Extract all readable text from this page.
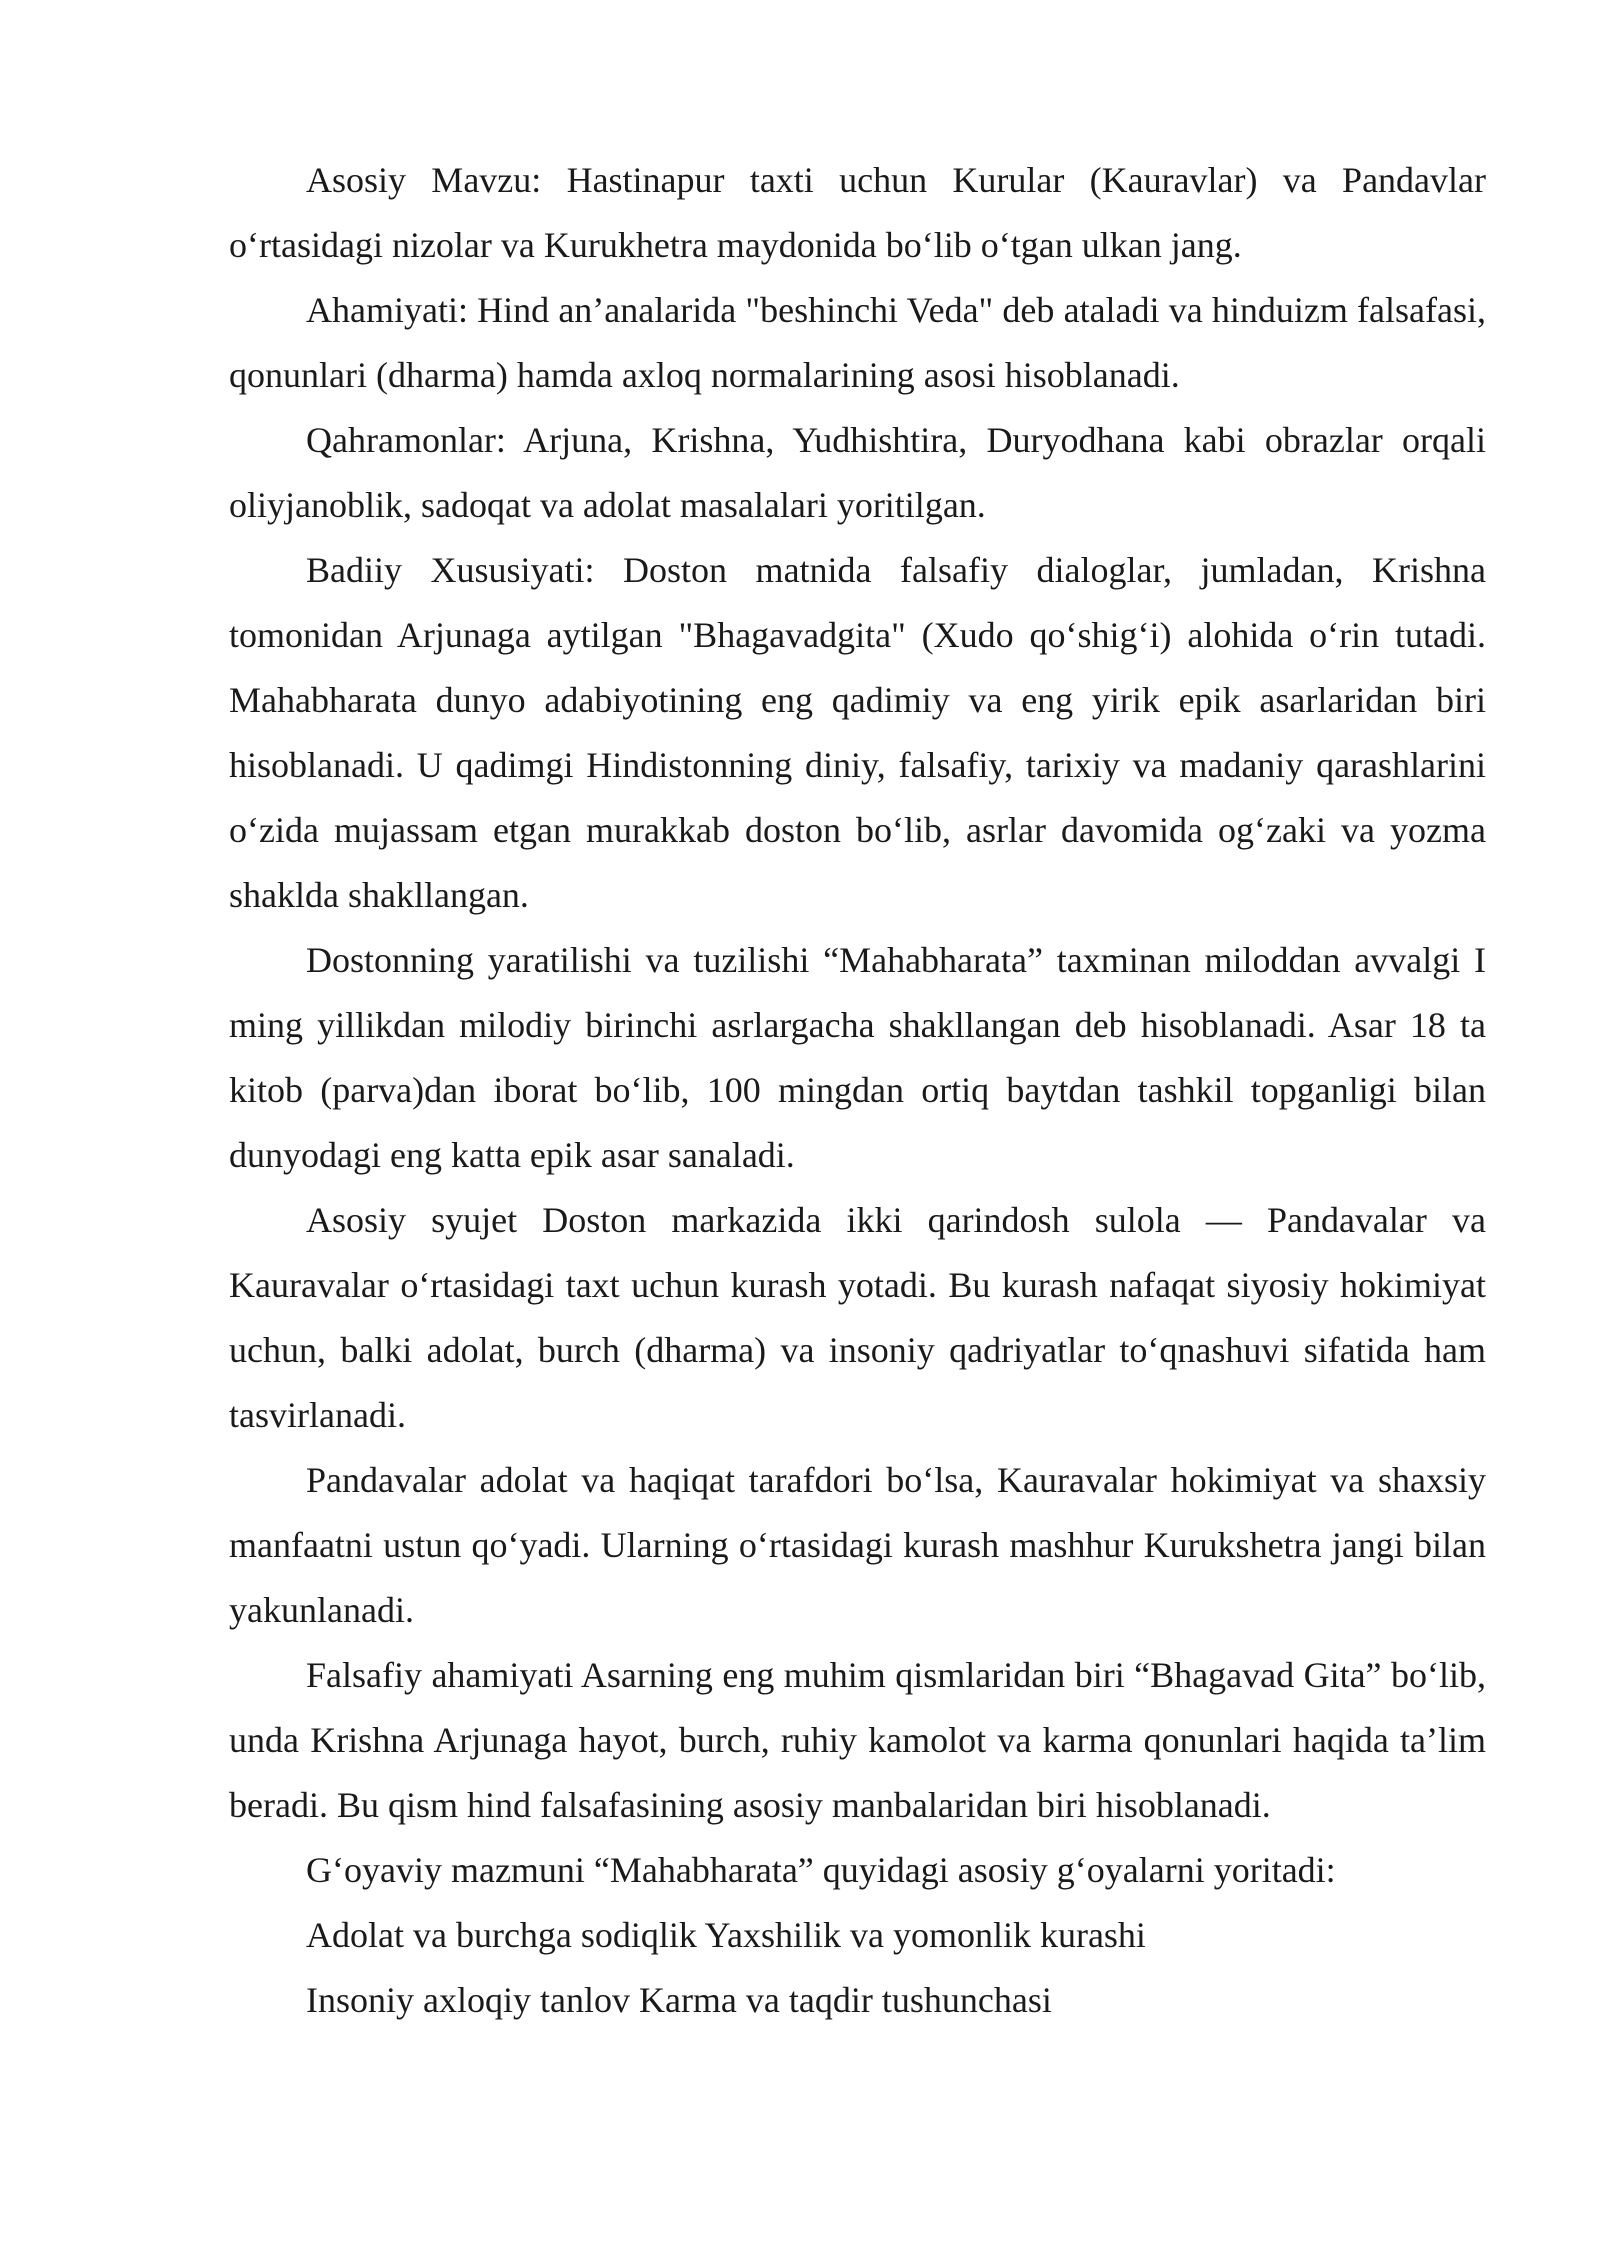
Asosiy Mavzu: Hastinapur taxti uchun Kurular (Kauravlar) va Pandavlar o‘rtasidagi nizolar va Kurukhetra maydonida bo‘lib o‘tgan ulkan jang.

Ahamiyati: Hind an’analarida "beshinchi Veda" deb ataladi va hinduizm falsafasi, qonunlari (dharma) hamda axloq normalarining asosi hisoblanadi.

Qahramonlar: Arjuna, Krishna, Yudhishtira, Duryodhana kabi obrazlar orqali oliyjanoblik, sadoqat va adolat masalalari yoritilgan.

Badiiy Xususiyati: Doston matnida falsafiy dialoglar, jumladan, Krishna tomonidan Arjunaga aytilgan "Bhagavadgita" (Xudo qo‘shig‘i) alohida o‘rin tutadi. Mahabharata dunyo adabiyotining eng qadimiy va eng yirik epik asarlaridan biri hisoblanadi. U qadimgi Hindistonning diniy, falsafiy, tarixiy va madaniy qarashlarini o‘zida mujassam etgan murakkab doston bo‘lib, asrlar davomida og‘zaki va yozma shaklda shakllangan.

Dostonning yaratilishi va tuzilishi “Mahabharata” taxminan miloddan avvalgi I ming yillikdan milodiy birinchi asrlargacha shakllangan deb hisoblanadi. Asar 18 ta kitob (parva)dan iborat bo‘lib, 100 mingdan ortiq baytdan tashkil topganligi bilan dunyodagi eng katta epik asar sanaladi.

Asosiy syujet Doston markazida ikki qarindosh sulola — Pandavalar va Kauravalar o‘rtasidagi taxt uchun kurash yotadi. Bu kurash nafaqat siyosiy hokimiyat uchun, balki adolat, burch (dharma) va insoniy qadriyatlar to‘qnashuvi sifatida ham tasvirlanadi.

Pandavalar adolat va haqiqat tarafdori bo‘lsa, Kauravalar hokimiyat va shaxsiy manfaatni ustun qo‘yadi. Ularning o‘rtasidagi kurash mashhur Kurukshetra jangi bilan yakunlanadi.

Falsafiy ahamiyati Asarning eng muhim qismlaridan biri “Bhagavad Gita” bo‘lib, unda Krishna Arjunaga hayot, burch, ruhiy kamolot va karma qonunlari haqida ta’lim beradi. Bu qism hind falsafasining asosiy manbalaridan biri hisoblanadi.

G‘oyaviy mazmuni “Mahabharata” quyidagi asosiy g‘oyalarni yoritadi:

Adolat va burchga sodiqlik Yaxshilik va yomonlik kurashi

Insoniy axloqiy tanlov Karma va taqdir tushunchasi
